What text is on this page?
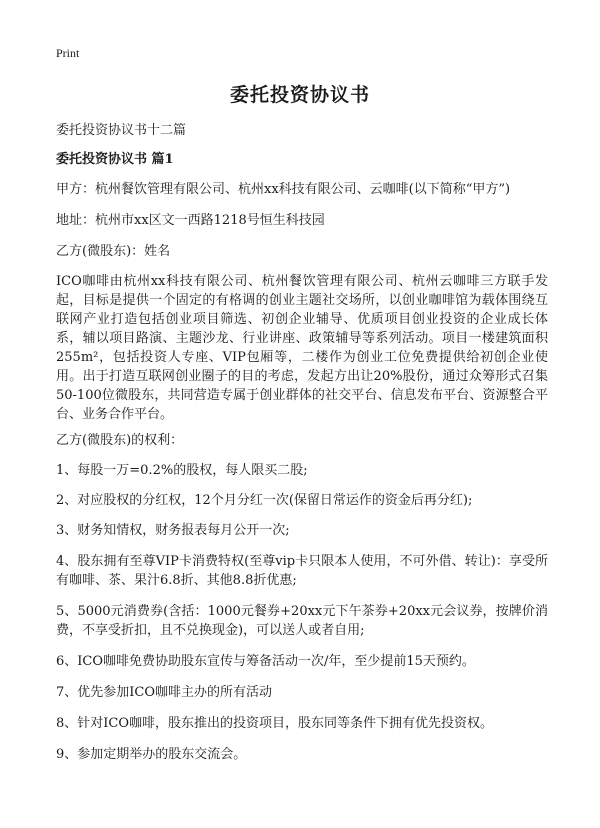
Print
委托投资协议书
委托投资协议书十二篇
委托投资协议书 篇1
甲方：杭州餐饮管理有限公司、杭州xx科技有限公司、云咖啡(以下简称“甲方”)
地址：杭州市xx区文一西路1218号恒生科技园
乙方(微股东)：姓名
ICO咖啡由杭州xx科技有限公司、杭州餐饮管理有限公司、杭州云咖啡三方联手发起，目标是提供一个固定的有格调的创业主题社交场所，以创业咖啡馆为载体围绕互联网产业打造包括创业项目筛选、初创企业辅导、优质项目创业投资的企业成长体系，辅以项目路演、主题沙龙、行业讲座、政策辅导等系列活动。项目一楼建筑面积255m²，包括投资人专座、VIP包厢等，二楼作为创业工位免费提供给初创企业使用。出于打造互联网创业圈子的目的考虑，发起方出让20%股份，通过众筹形式召集50-100位微股东，共同营造专属于创业群体的社交平台、信息发布平台、资源整合平台、业务合作平台。
乙方(微股东)的权利：
1、每股一万=0.2%的股权，每人限买二股;
2、对应股权的分红权，12个月分红一次(保留日常运作的资金后再分红);
3、财务知情权，财务报表每月公开一次;
4、股东拥有至尊VIP卡消费特权(至尊vip卡只限本人使用，不可外借、转让)：享受所有咖啡、茶、果汁6.8折、其他8.8折优惠;
5、5000元消费券(含括：1000元餐券+20xx元下午茶券+20xx元会议券，按牌价消费，不享受折扣，且不兑换现金)，可以送人或者自用;
6、ICO咖啡免费协助股东宣传与筹备活动一次/年，至少提前15天预约。
7、优先参加ICO咖啡主办的所有活动
8、针对ICO咖啡，股东推出的投资项目，股东同等条件下拥有优先投资权。
9、参加定期举办的股东交流会。
